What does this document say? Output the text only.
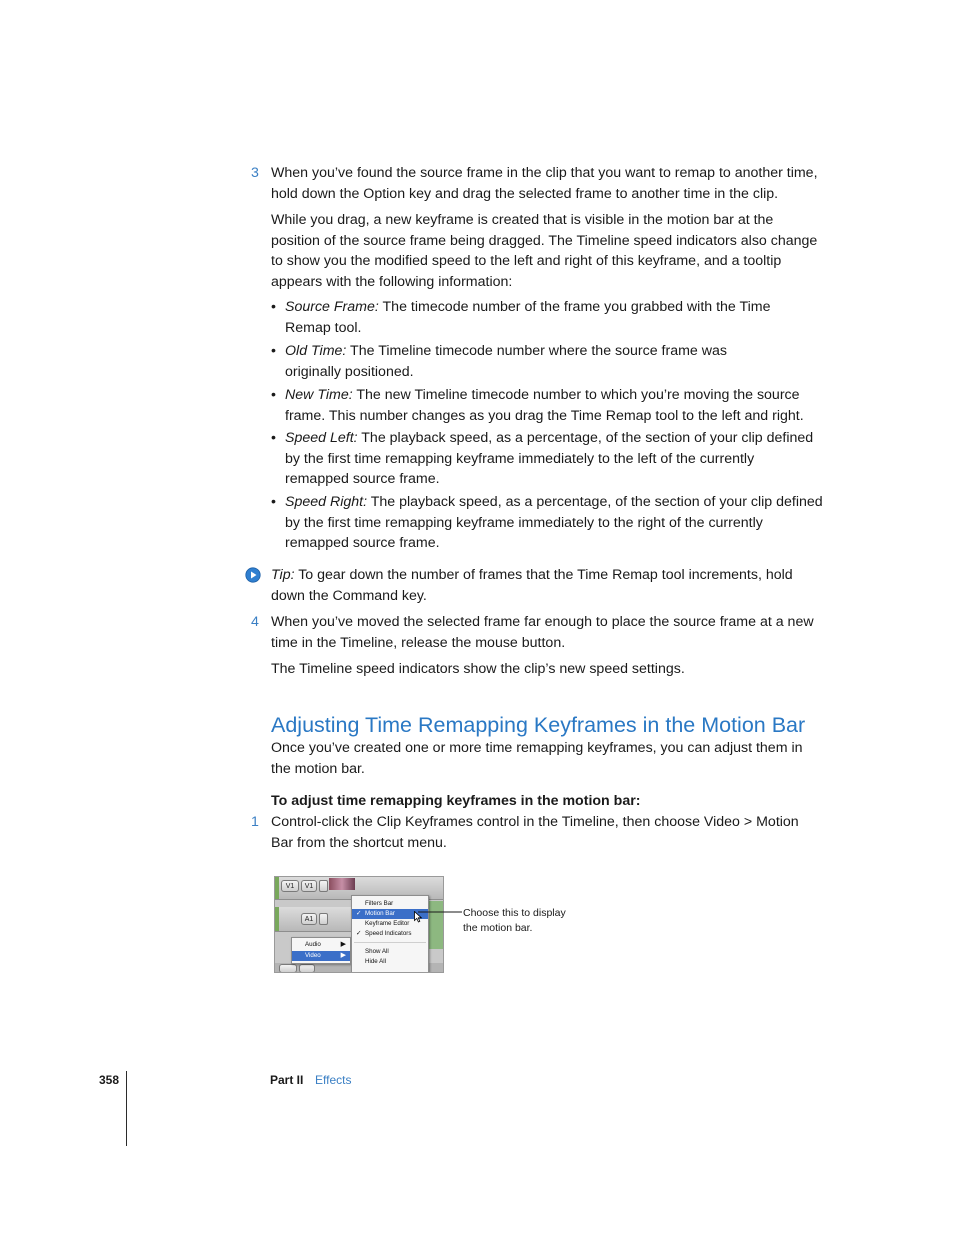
3 When you’ve found the source frame in the clip that you want to remap to another time,
hold down the Option key and drag the selected frame to another time in the clip.
While you drag, a new keyframe is created that is visible in the motion bar at the
position of the source frame being dragged. The Timeline speed indicators also change
to show you the modified speed to the left and right of this keyframe, and a tooltip
appears with the following information:
• Source Frame: The timecode number of the frame you grabbed with the Time
Remap tool.
• Old Time: The Timeline timecode number where the source frame was
originally positioned.
• New Time: The new Timeline timecode number to which you’re moving the source
frame. This number changes as you drag the Time Remap tool to the left and right.
• Speed Left: The playback speed, as a percentage, of the section of your clip defined
by the first time remapping keyframe immediately to the left of the currently
remapped source frame.
• Speed Right: The playback speed, as a percentage, of the section of your clip defined
by the first time remapping keyframe immediately to the right of the currently
remapped source frame.
Tip: To gear down the number of frames that the Time Remap tool increments, hold
down the Command key.
4 When you’ve moved the selected frame far enough to place the source frame at a new
time in the Timeline, release the mouse button.
The Timeline speed indicators show the clip’s new speed settings.
Adjusting Time Remapping Keyframes in the Motion Bar
Once you’ve created one or more time remapping keyframes, you can adjust them in
the motion bar.
To adjust time remapping keyframes in the motion bar:
1 Control-click the Clip Keyframes control in the Timeline, then choose Video > Motion
Bar from the shortcut menu.
V1	V1
A1
Audio	▶
Video	▶
Filters Bar
✓ Motion Bar
Keyframe Editor
✓ Speed Indicators
Show All
Hide All
Choose this to display
the motion bar.
358	Part II Effects
